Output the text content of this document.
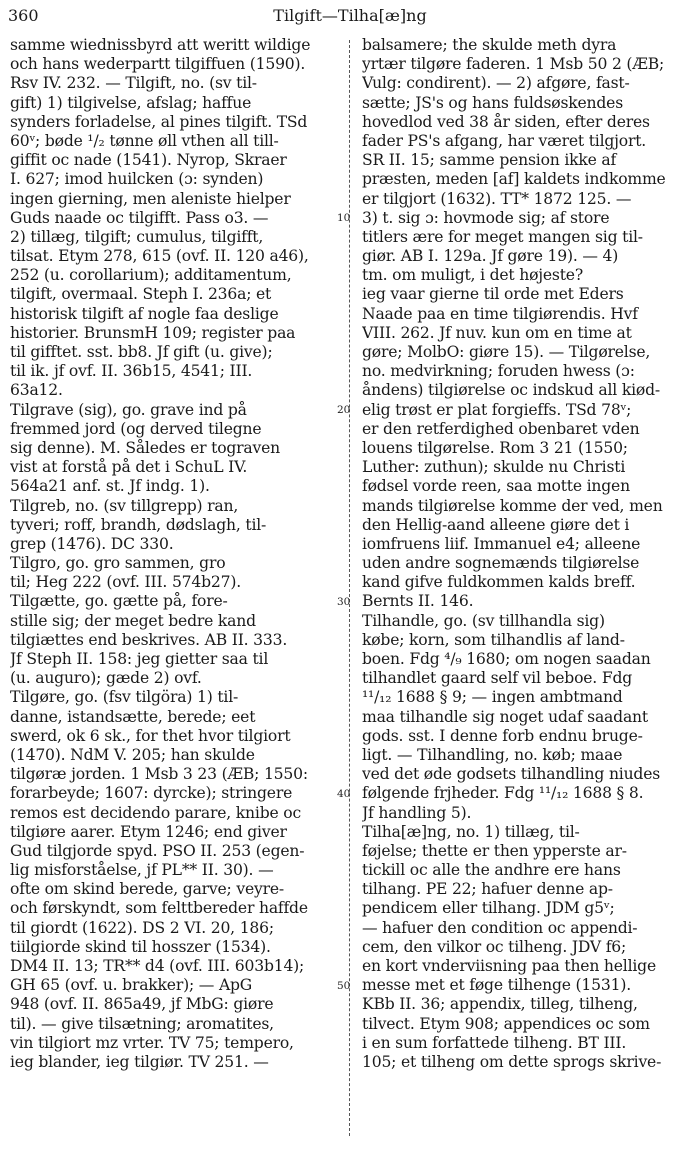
360	Tilgift—Tilha[æ]ng
samme wiednissbyrd att weritt wildige
och hans wederpartt tilgiffuen (1590).
Rsv IV. 232. — Tilgift, no. (sv til-
gift) 1) tilgivelse, afslag; haffue
synders forladelse, al pines tilgift. TSd
60ᵛ; bøde ¹/₂ tønne øll vthen all till-
giffit oc nade (1541). Nyrop, Skraer
I. 627; imod huilcken (ɔ: synden)
ingen gierning, men aleniste hielper
Guds naade oc tilgifft. Pass o3. —
2) tillæg, tilgift; cumulus, tilgifft,
tilsat. Etym 278, 615 (ovf. II. 120 a46),
252 (u. corollarium); additamentum,
tilgift, overmaal. Steph I. 236a; et
historisk tilgift af nogle faa deslige
historier. BrunsmH 109; register paa
til gifftet. sst. bb8. Jf gift (u. give);
til ik. jf ovf. II. 36b15, 4541; III.
63a12.
Tilgrave (sig), go. grave ind på
fremmed jord (og derved tilegne
sig denne). M. Således er tograven
vist at forstå på det i SchuL IV.
564a21 anf. st. Jf indg. 1).
Tilgreb, no. (sv tillgrepp) ran,
tyveri; roff, brandh, dødslagh, til-
grep (1476). DC 330.
Tilgro, go. gro sammen, gro
til; Heg 222 (ovf. III. 574b27).
Tilgætte, go. gætte på, fore-
stille sig; der meget bedre kand
tilgiættes end beskrives. AB II. 333.
Jf Steph II. 158: jeg gietter saa til
(u. auguro); gæde 2) ovf.
Tilgøre, go. (fsv tilgöra) 1) til-
danne, istandsætte, berede; eet
swerd, ok 6 sk., for thet hvor tilgiort
(1470). NdM V. 205; han skulde
tilgøræ jorden. 1 Msb 3 23 (ÆB; 1550:
forarbeyde; 1607: dyrcke); stringere
remos est decidendo parare, knibe oc
tilgiøre aarer. Etym 1246; end giver
Gud tilgjorde spyd. PSO II. 253 (egen-
lig misforståelse, jf PL** II. 30). —
ofte om skind berede, garve; veyre-
och førskyndt, som felttbereder haffde
til giordt (1622). DS 2 VI. 20, 186;
tiilgiorde skind til hosszer (1534).
DM4 II. 13; TR** d4 (ovf. III. 603b14);
GH 65 (ovf. u. brakker); — ApG
948 (ovf. II. 865a49, jf MbG: giøre
til). — give tilsætning; aromatites,
vin tilgiort mz vrter. TV 75; tempero,
ieg blander, ieg tilgiør. TV 251. —
10
20
30
40
50
balsamere; the skulde meth dyra
yrtær tilgøre faderen. 1 Msb 50 2 (ÆB;
Vulg: condirent). — 2) afgøre, fast-
sætte; JS's og hans fuldsøskendes
hovedlod ved 38 år siden, efter deres
fader PS's afgang, har været tilgjort.
SR II. 15; samme pension ikke af
præsten, meden [af] kaldets indkomme
er tilgjort (1632). TT* 1872 125. —
3) t. sig ɔ: hovmode sig; af store
titlers ære for meget mangen sig til-
giør. AB I. 129a. Jf gøre 19). — 4)
tm. om muligt, i det højeste?
ieg vaar gierne til orde met Eders
Naade paa en time tilgiørendis. Hvf
VIII. 262. Jf nuv. kun om en time at
gøre; MolbO: giøre 15). — Tilgørelse,
no. medvirkning; foruden hwess (ɔ:
åndens) tilgiørelse oc indskud all kiød-
elig trøst er plat forgieffs. TSd 78ᵛ;
er den retferdighed obenbaret vden
louens tilgørelse. Rom 3 21 (1550;
Luther: zuthun); skulde nu Christi
fødsel vorde reen, saa motte ingen
mands tilgiørelse komme der ved, men
den Hellig-aand alleene giøre det i
iomfruens liif. Immanuel e4; alleene
uden andre sognemænds tilgiørelse
kand gifve fuldkommen kalds breff.
Bernts II. 146.
Tilhandle, go. (sv tillhandla sig)
købe; korn, som tilhandlis af land-
boen. Fdg ⁴/₉ 1680; om nogen saadan
tilhandlet gaard self vil beboe. Fdg
¹¹/₁₂ 1688 § 9; — ingen ambtmand
maa tilhandle sig noget udaf saadant
gods. sst. I denne forb endnu bruge-
ligt. — Tilhandling, no. køb; maae
ved det øde godsets tilhandling niudes
følgende frjheder. Fdg ¹¹/₁₂ 1688 § 8.
Jf handling 5).
Tilha[æ]ng, no. 1) tillæg, til-
føjelse; thette er then ypperste ar-
tickill oc alle the andhre ere hans
tilhang. PE 22; hafuer denne ap-
pendicem eller tilhang. JDM g5ᵛ;
— hafuer den condition oc appendi-
cem, den vilkor oc tilheng. JDV f6;
en kort vnderviisning paa then hellige
messe met et føge tilhenge (1531).
KBb II. 36; appendix, tilleg, tilheng,
tilvect. Etym 908; appendices oc som
i en sum forfattede tilheng. BT III.
105; et tilheng om dette sprogs skrive-
